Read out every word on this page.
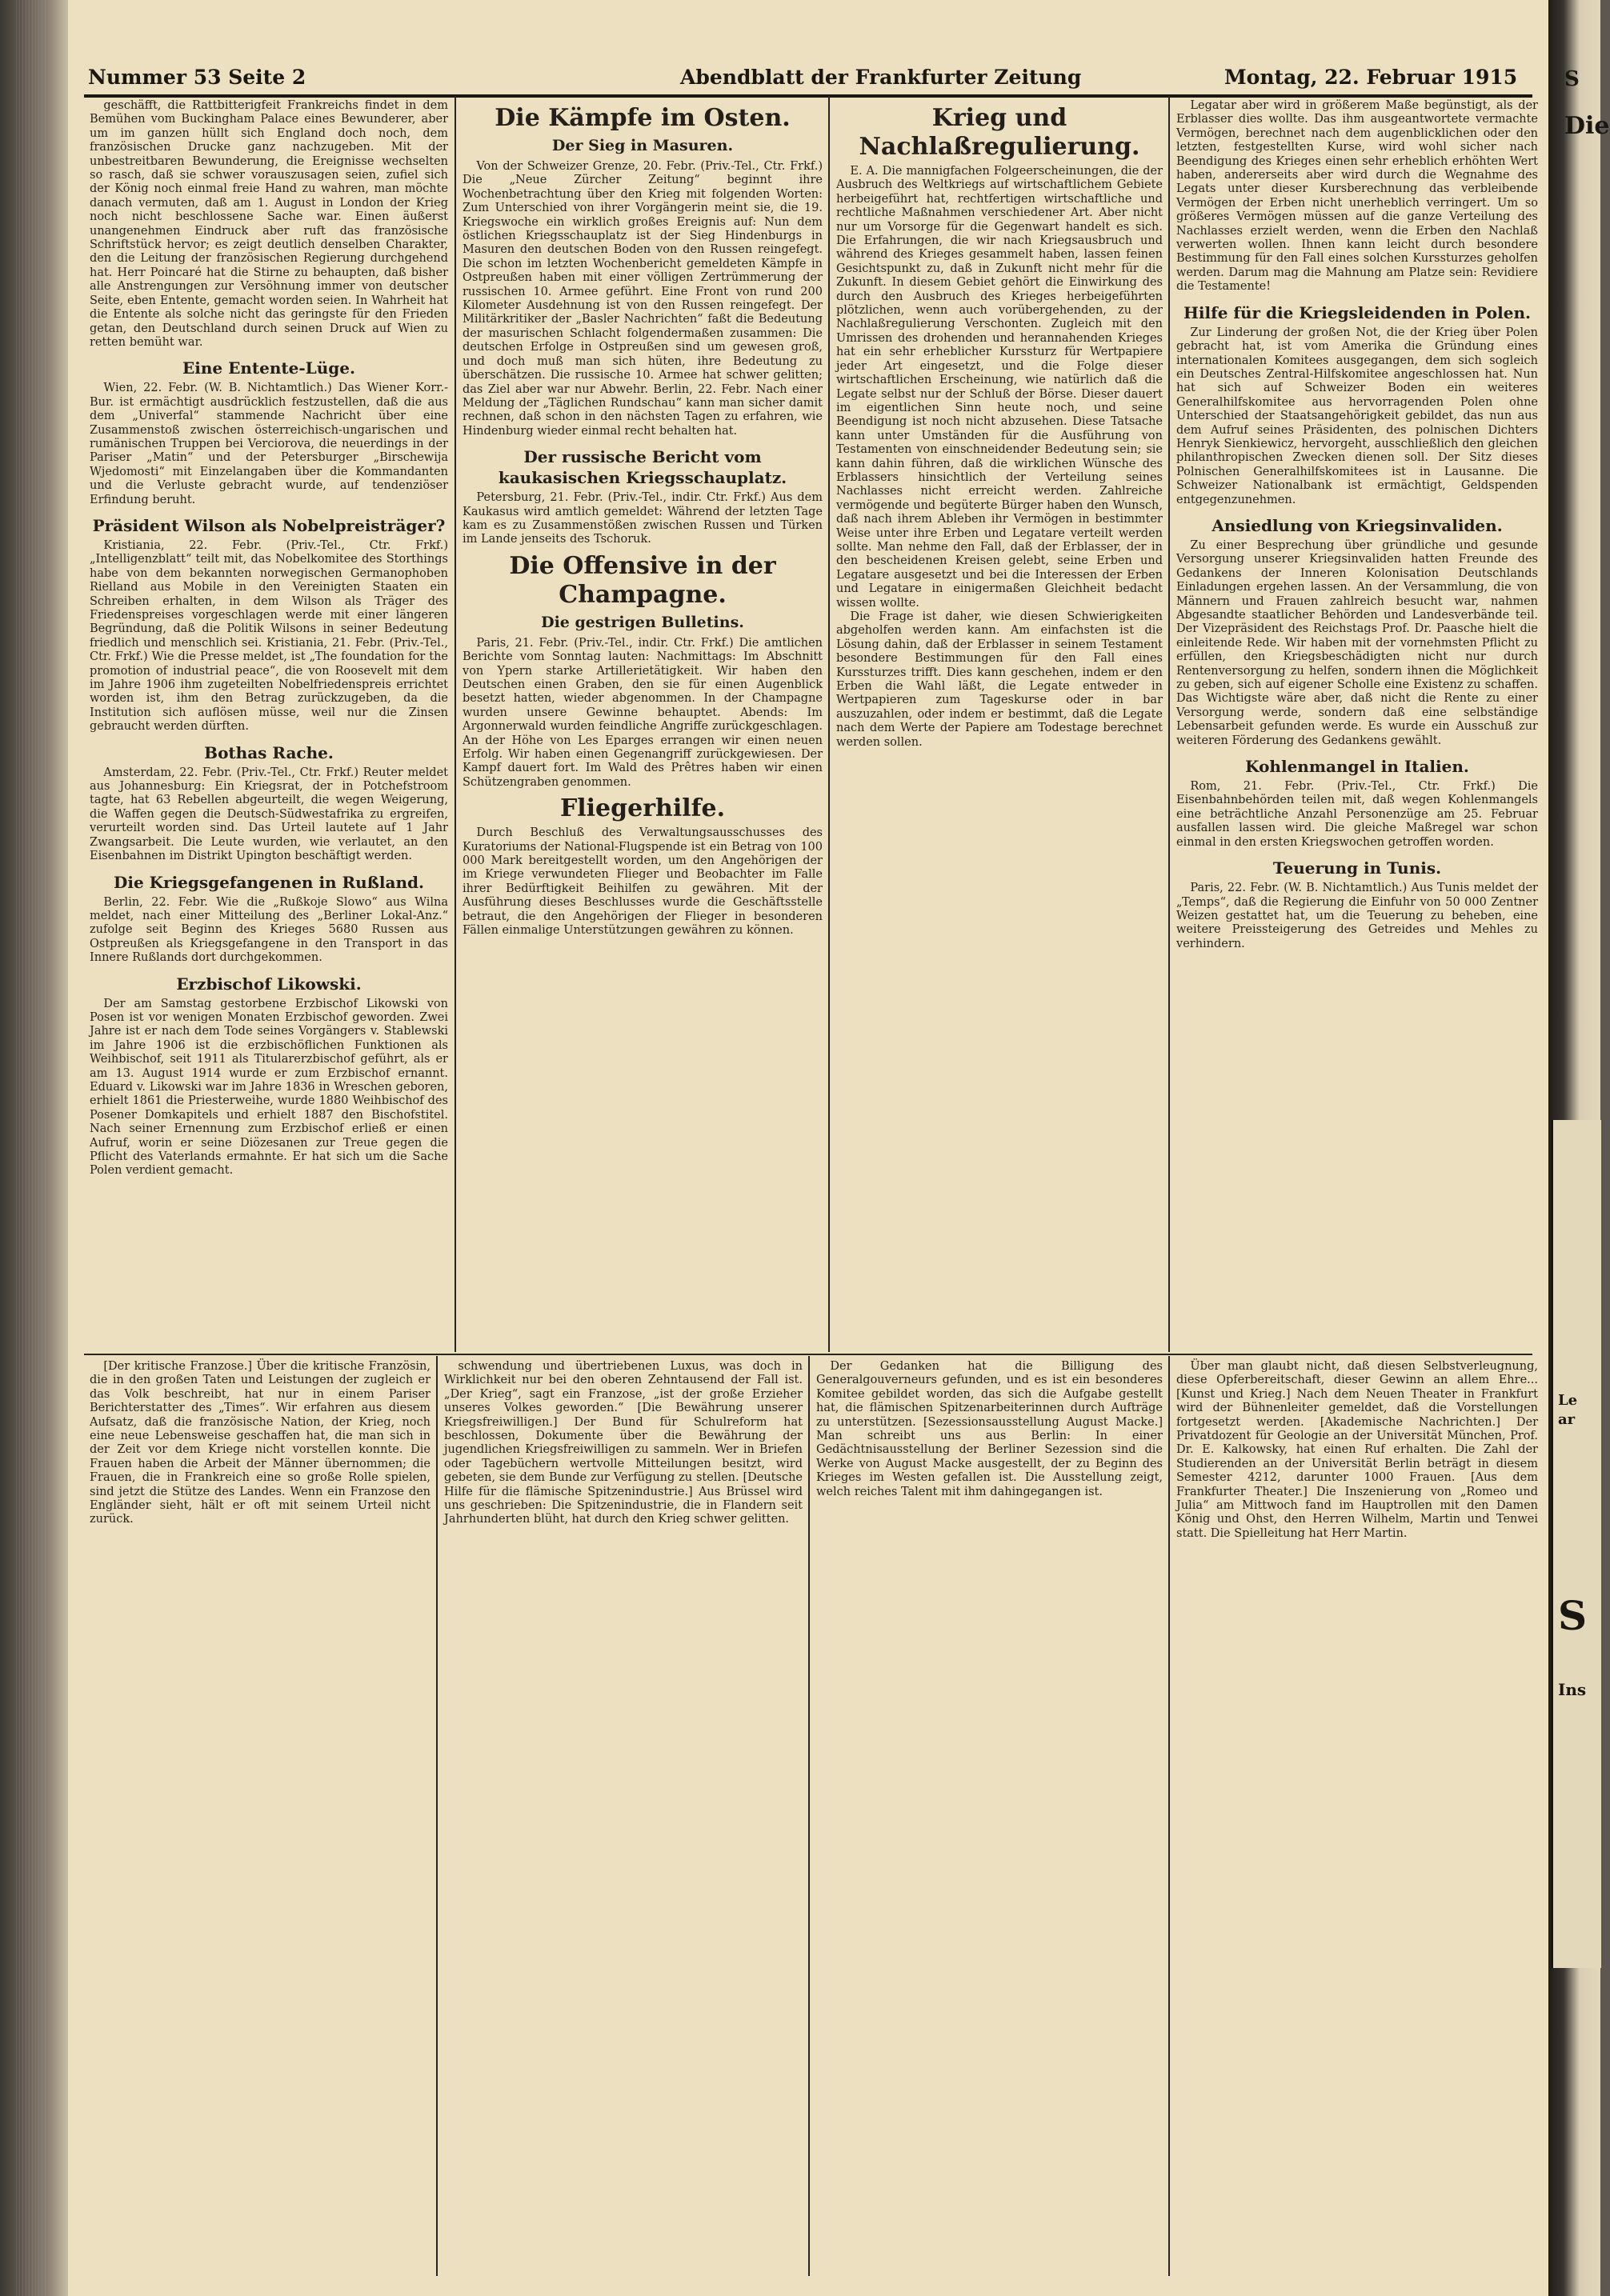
S
Die
Le
ar
S
Ins
Nummer 53 Seite 2	Abendblatt der Frankfurter Zeitung	Montag, 22. Februar 1915

geschäfft, die Rattbitterigfeit Frankreichs findet in dem Bemühen vom Buckingham Palace eines Bewunderer, aber um im ganzen hüllt sich England doch noch, dem französischen Drucke ganz nachzugeben. Mit der unbestreitbaren Bewunderung, die Ereignisse wechselten so rasch, daß sie schwer vorauszusagen seien, zufiel sich der König noch einmal freie Hand zu wahren, man möchte danach vermuten, daß am 1. August in London der Krieg noch nicht beschlossene Sache war. Einen äußerst unangenehmen Eindruck aber ruft das französische Schriftstück hervor; es zeigt deutlich denselben Charakter, den die Leitung der französischen Regierung durchgehend hat. Herr Poincaré hat die Stirne zu behaupten, daß bisher alle Anstrengungen zur Versöhnung immer von deutscher Seite, eben Entente, gemacht worden seien. In Wahrheit hat die Entente als solche nicht das geringste für den Frieden getan, den Deutschland durch seinen Druck auf Wien zu retten bemüht war.

Eine Entente-Lüge.

Wien, 22. Febr. (W. B. Nichtamtlich.) Das Wiener Korr.-Bur. ist ermächtigt ausdrücklich festzustellen, daß die aus dem „Univerfal“ stammende Nachricht über eine Zusammenstoß zwischen österreichisch-ungarischen und rumänischen Truppen bei Verciorova, die neuerdings in der Pariser „Matin“ und der Petersburger „Birschewija Wjedomosti“ mit Einzelangaben über die Kommandanten und die Verluste gebracht wurde, auf tendenziöser Erfindung beruht.

Präsident Wilson als Nobelpreisträger?

Kristiania, 22. Febr. (Priv.-Tel., Ctr. Frkf.) „Intelligenzblatt“ teilt mit, das Nobelkomitee des Storthings habe von dem bekannten norwegischen Germanophoben Rielland aus Mobile in den Vereinigten Staaten ein Schreiben erhalten, in dem Wilson als Träger des Friedenspreises vorgeschlagen werde mit einer längeren Begründung, daß die Politik Wilsons in seiner Bedeutung friedlich und menschlich sei. Kristiania, 21. Febr. (Priv.-Tel., Ctr. Frkf.) Wie die Presse meldet, ist „The foundation for the promotion of industrial peace“, die von Roosevelt mit dem im Jahre 1906 ihm zugeteilten Nobelfriedenspreis errichtet worden ist, ihm den Betrag zurückzugeben, da die Institution sich auflösen müsse, weil nur die Zinsen gebraucht werden dürften.

Bothas Rache.

Amsterdam, 22. Febr. (Priv.-Tel., Ctr. Frkf.) Reuter meldet aus Johannesburg: Ein Kriegsrat, der in Potchefstroom tagte, hat 63 Rebellen abgeurteilt, die wegen Weigerung, die Waffen gegen die Deutsch-Südwestafrika zu ergreifen, verurteilt worden sind. Das Urteil lautete auf 1 Jahr Zwangsarbeit. Die Leute wurden, wie verlautet, an den Eisenbahnen im Distrikt Upington beschäftigt werden.

Die Kriegsgefangenen in Rußland.

Berlin, 22. Febr. Wie die „Rußkoje Slowo“ aus Wilna meldet, nach einer Mitteilung des „Berliner Lokal-Anz.“ zufolge seit Beginn des Krieges 5680 Russen aus Ostpreußen als Kriegsgefangene in den Transport in das Innere Rußlands dort durchgekommen.

Erzbischof Likowski.

Der am Samstag gestorbene Erzbischof Likowski von Posen ist vor wenigen Monaten Erzbischof geworden. Zwei Jahre ist er nach dem Tode seines Vorgängers v. Stablewski im Jahre 1906 ist die erzbischöflichen Funktionen als Weihbischof, seit 1911 als Titularerzbischof geführt, als er am 13. August 1914 wurde er zum Erzbischof ernannt. Eduard v. Likowski war im Jahre 1836 in Wreschen geboren, erhielt 1861 die Priesterweihe, wurde 1880 Weihbischof des Posener Domkapitels und erhielt 1887 den Bischofstitel. Nach seiner Ernennung zum Erzbischof erließ er einen Aufruf, worin er seine Diözesanen zur Treue gegen die Pflicht des Vaterlands ermahnte. Er hat sich um die Sache Polen verdient gemacht.

Die Kämpfe im Osten.
Der Sieg in Masuren.

Von der Schweizer Grenze, 20. Febr. (Priv.-Tel., Ctr. Frkf.) Die „Neue Zürcher Zeitung“ beginnt ihre Wochenbetrachtung über den Krieg mit folgenden Worten: Zum Unterschied von ihrer Vorgängerin meint sie, die 19. Kriegswoche ein wirklich großes Ereignis auf: Nun dem östlichen Kriegsschauplatz ist der Sieg Hindenburgs in Masuren den deutschen Boden von den Russen reingefegt. Die schon im letzten Wochenbericht gemeldeten Kämpfe in Ostpreußen haben mit einer völligen Zertrümmerung der russischen 10. Armee geführt. Eine Front von rund 200 Kilometer Ausdehnung ist von den Russen reingefegt. Der Militärkritiker der „Basler Nachrichten“ faßt die Bedeutung der masurischen Schlacht folgendermaßen zusammen: Die deutschen Erfolge in Ostpreußen sind um gewesen groß, und doch muß man sich hüten, ihre Bedeutung zu überschätzen. Die russische 10. Armee hat schwer gelitten; das Ziel aber war nur Abwehr. Berlin, 22. Febr. Nach einer Meldung der „Täglichen Rundschau“ kann man sicher damit rechnen, daß schon in den nächsten Tagen zu erfahren, wie Hindenburg wieder einmal recht behalten hat.

Der russische Bericht vom kaukasischen Kriegsschauplatz.

Petersburg, 21. Febr. (Priv.-Tel., indir. Ctr. Frkf.) Aus dem Kaukasus wird amtlich gemeldet: Während der letzten Tage kam es zu Zusammenstößen zwischen Russen und Türken im Lande jenseits des Tschoruk.

Die Offensive in der Champagne.
Die gestrigen Bulletins.

Paris, 21. Febr. (Priv.-Tel., indir. Ctr. Frkf.) Die amtlichen Berichte vom Sonntag lauten: Nachmittags: Im Abschnitt von Ypern starke Artillerietätigkeit. Wir haben den Deutschen einen Graben, den sie für einen Augenblick besetzt hatten, wieder abgenommen. In der Champagne wurden unsere Gewinne behauptet. Abends: Im Argonnerwald wurden feindliche Angriffe zurückgeschlagen. An der Höhe von Les Eparges errangen wir einen neuen Erfolg. Wir haben einen Gegenangriff zurückgewiesen. Der Kampf dauert fort. Im Wald des Prêtres haben wir einen Schützengraben genommen.

Fliegerhilfe.

Durch Beschluß des Verwaltungsausschusses des Kuratoriums der National-Flugspende ist ein Betrag von 100 000 Mark bereitgestellt worden, um den Angehörigen der im Kriege verwundeten Flieger und Beobachter im Falle ihrer Bedürftigkeit Beihilfen zu gewähren. Mit der Ausführung dieses Beschlusses wurde die Geschäftsstelle betraut, die den Angehörigen der Flieger in besonderen Fällen einmalige Unterstützungen gewähren zu können.

Krieg und Nachlaßregulierung.

E. A. Die mannigfachen Folgeerscheinungen, die der Ausbruch des Weltkriegs auf wirtschaftlichem Gebiete herbeigeführt hat, rechtfertigen wirtschaftliche und rechtliche Maßnahmen verschiedener Art. Aber nicht nur um Vorsorge für die Gegenwart handelt es sich. Die Erfahrungen, die wir nach Kriegsausbruch und während des Krieges gesammelt haben, lassen feinen Gesichtspunkt zu, daß in Zukunft nicht mehr für die Zukunft. In diesem Gebiet gehört die Einwirkung des durch den Ausbruch des Krieges herbeigeführten plötzlichen, wenn auch vorübergehenden, zu der Nachlaßregulierung Verschonten. Zugleich mit den Umrissen des drohenden und herannahenden Krieges hat ein sehr erheblicher Kurssturz für Wertpapiere jeder Art eingesetzt, und die Folge dieser wirtschaftlichen Erscheinung, wie natürlich daß die Legate selbst nur der Schluß der Börse. Dieser dauert im eigentlichen Sinn heute noch, und seine Beendigung ist noch nicht abzusehen. Diese Tatsache kann unter Umständen für die Ausführung von Testamenten von einschneidender Bedeutung sein; sie kann dahin führen, daß die wirklichen Wünsche des Erblassers hinsichtlich der Verteilung seines Nachlasses nicht erreicht werden. Zahlreiche vermögende und begüterte Bürger haben den Wunsch, daß nach ihrem Ableben ihr Vermögen in bestimmter Weise unter ihre Erben und Legatare verteilt werden sollte. Man nehme den Fall, daß der Erblasser, der in den bescheidenen Kreisen gelebt, seine Erben und Legatare ausgesetzt und bei die Interessen der Erben und Legatare in einigermaßen Gleichheit bedacht wissen wollte.

Die Frage ist daher, wie diesen Schwierigkeiten abgeholfen werden kann. Am einfachsten ist die Lösung dahin, daß der Erblasser in seinem Testament besondere Bestimmungen für den Fall eines Kurssturzes trifft. Dies kann geschehen, indem er den Erben die Wahl läßt, die Legate entweder in Wertpapieren zum Tageskurse oder in bar auszuzahlen, oder indem er bestimmt, daß die Legate nach dem Werte der Papiere am Todestage berechnet werden sollen.

Legatar aber wird in größerem Maße begünstigt, als der Erblasser dies wollte. Das ihm ausgeantwortete vermachte Vermögen, berechnet nach dem augenblicklichen oder den letzten, festgestellten Kurse, wird wohl sicher nach Beendigung des Krieges einen sehr erheblich erhöhten Wert haben, andererseits aber wird durch die Wegnahme des Legats unter dieser Kursberechnung das verbleibende Vermögen der Erben nicht unerheblich verringert. Um so größeres Vermögen müssen auf die ganze Verteilung des Nachlasses erzielt werden, wenn die Erben den Nachlaß verwerten wollen. Ihnen kann leicht durch besondere Bestimmung für den Fall eines solchen Kurssturzes geholfen werden. Darum mag die Mahnung am Platze sein: Revidiere die Testamente!

Hilfe für die Kriegsleidenden in Polen.

Zur Linderung der großen Not, die der Krieg über Polen gebracht hat, ist vom Amerika die Gründung eines internationalen Komitees ausgegangen, dem sich sogleich ein Deutsches Zentral-Hilfskomitee angeschlossen hat. Nun hat sich auf Schweizer Boden ein weiteres Generalhilfskomitee aus hervorragenden Polen ohne Unterschied der Staatsangehörigkeit gebildet, das nun aus dem Aufruf seines Präsidenten, des polnischen Dichters Henryk Sienkiewicz, hervorgeht, ausschließlich den gleichen philanthropischen Zwecken dienen soll. Der Sitz dieses Polnischen Generalhilfskomitees ist in Lausanne. Die Schweizer Nationalbank ist ermächtigt, Geldspenden entgegenzunehmen.

Ansiedlung von Kriegsinvaliden.

Zu einer Besprechung über gründliche und gesunde Versorgung unserer Kriegsinvaliden hatten Freunde des Gedankens der Inneren Kolonisation Deutschlands Einladungen ergehen lassen. An der Versammlung, die von Männern und Frauen zahlreich besucht war, nahmen Abgesandte staatlicher Behörden und Landesverbände teil. Der Vizepräsident des Reichstags Prof. Dr. Paasche hielt die einleitende Rede. Wir haben mit der vornehmsten Pflicht zu erfüllen, den Kriegsbeschädigten nicht nur durch Rentenversorgung zu helfen, sondern ihnen die Möglichkeit zu geben, sich auf eigener Scholle eine Existenz zu schaffen. Das Wichtigste wäre aber, daß nicht die Rente zu einer Versorgung werde, sondern daß eine selbständige Lebensarbeit gefunden werde. Es wurde ein Ausschuß zur weiteren Förderung des Gedankens gewählt.

Kohlenmangel in Italien.

Rom, 21. Febr. (Priv.-Tel., Ctr. Frkf.) Die Eisenbahnbehörden teilen mit, daß wegen Kohlenmangels eine beträchtliche Anzahl Personenzüge am 25. Februar ausfallen lassen wird. Die gleiche Maßregel war schon einmal in den ersten Kriegswochen getroffen worden.

Teuerung in Tunis.

Paris, 22. Febr. (W. B. Nichtamtlich.) Aus Tunis meldet der „Temps“, daß die Regierung die Einfuhr von 50 000 Zentner Weizen gestattet hat, um die Teuerung zu beheben, eine weitere Preissteigerung des Getreides und Mehles zu verhindern.

[Der kritische Franzose.] Über die kritische Französin, die in den großen Taten und Leistungen der zugleich er das Volk beschreibt, hat nur in einem Pariser Berichterstatter des „Times“. Wir erfahren aus diesem Aufsatz, daß die französische Nation, der Krieg, noch eine neue Lebensweise geschaffen hat, die man sich in der Zeit vor dem Kriege nicht vorstellen konnte. Die Frauen haben die Arbeit der Männer übernommen; die Frauen, die in Frankreich eine so große Rolle spielen, sind jetzt die Stütze des Landes. Wenn ein Franzose den Engländer sieht, hält er oft mit seinem Urteil nicht zurück.

schwendung und übertriebenen Luxus, was doch in Wirklichkeit nur bei den oberen Zehntausend der Fall ist. „Der Krieg“, sagt ein Franzose, „ist der große Erzieher unseres Volkes geworden.“ [Die Bewährung unserer Kriegsfreiwilligen.] Der Bund für Schulreform hat beschlossen, Dokumente über die Bewährung der jugendlichen Kriegsfreiwilligen zu sammeln. Wer in Briefen oder Tagebüchern wertvolle Mitteilungen besitzt, wird gebeten, sie dem Bunde zur Verfügung zu stellen. [Deutsche Hilfe für die flämische Spitzenindustrie.] Aus Brüssel wird uns geschrieben: Die Spitzenindustrie, die in Flandern seit Jahrhunderten blüht, hat durch den Krieg schwer gelitten.

Der Gedanken hat die Billigung des Generalgouverneurs gefunden, und es ist ein besonderes Komitee gebildet worden, das sich die Aufgabe gestellt hat, die flämischen Spitzenarbeiterinnen durch Aufträge zu unterstützen. [Sezessionsausstellung August Macke.] Man schreibt uns aus Berlin: In einer Gedächtnisausstellung der Berliner Sezession sind die Werke von August Macke ausgestellt, der zu Beginn des Krieges im Westen gefallen ist. Die Ausstellung zeigt, welch reiches Talent mit ihm dahingegangen ist.

Über man glaubt nicht, daß diesen Selbstverleugnung, diese Opferbereitschaft, dieser Gewinn an allem Ehre... [Kunst und Krieg.] Nach dem Neuen Theater in Frankfurt wird der Bühnenleiter gemeldet, daß die Vorstellungen fortgesetzt werden. [Akademische Nachrichten.] Der Privatdozent für Geologie an der Universität München, Prof. Dr. E. Kalkowsky, hat einen Ruf erhalten. Die Zahl der Studierenden an der Universität Berlin beträgt in diesem Semester 4212, darunter 1000 Frauen. [Aus dem Frankfurter Theater.] Die Inszenierung von „Romeo und Julia“ am Mittwoch fand im Hauptrollen mit den Damen König und Ohst, den Herren Wilhelm, Martin und Tenwei statt. Die Spielleitung hat Herr Martin.
